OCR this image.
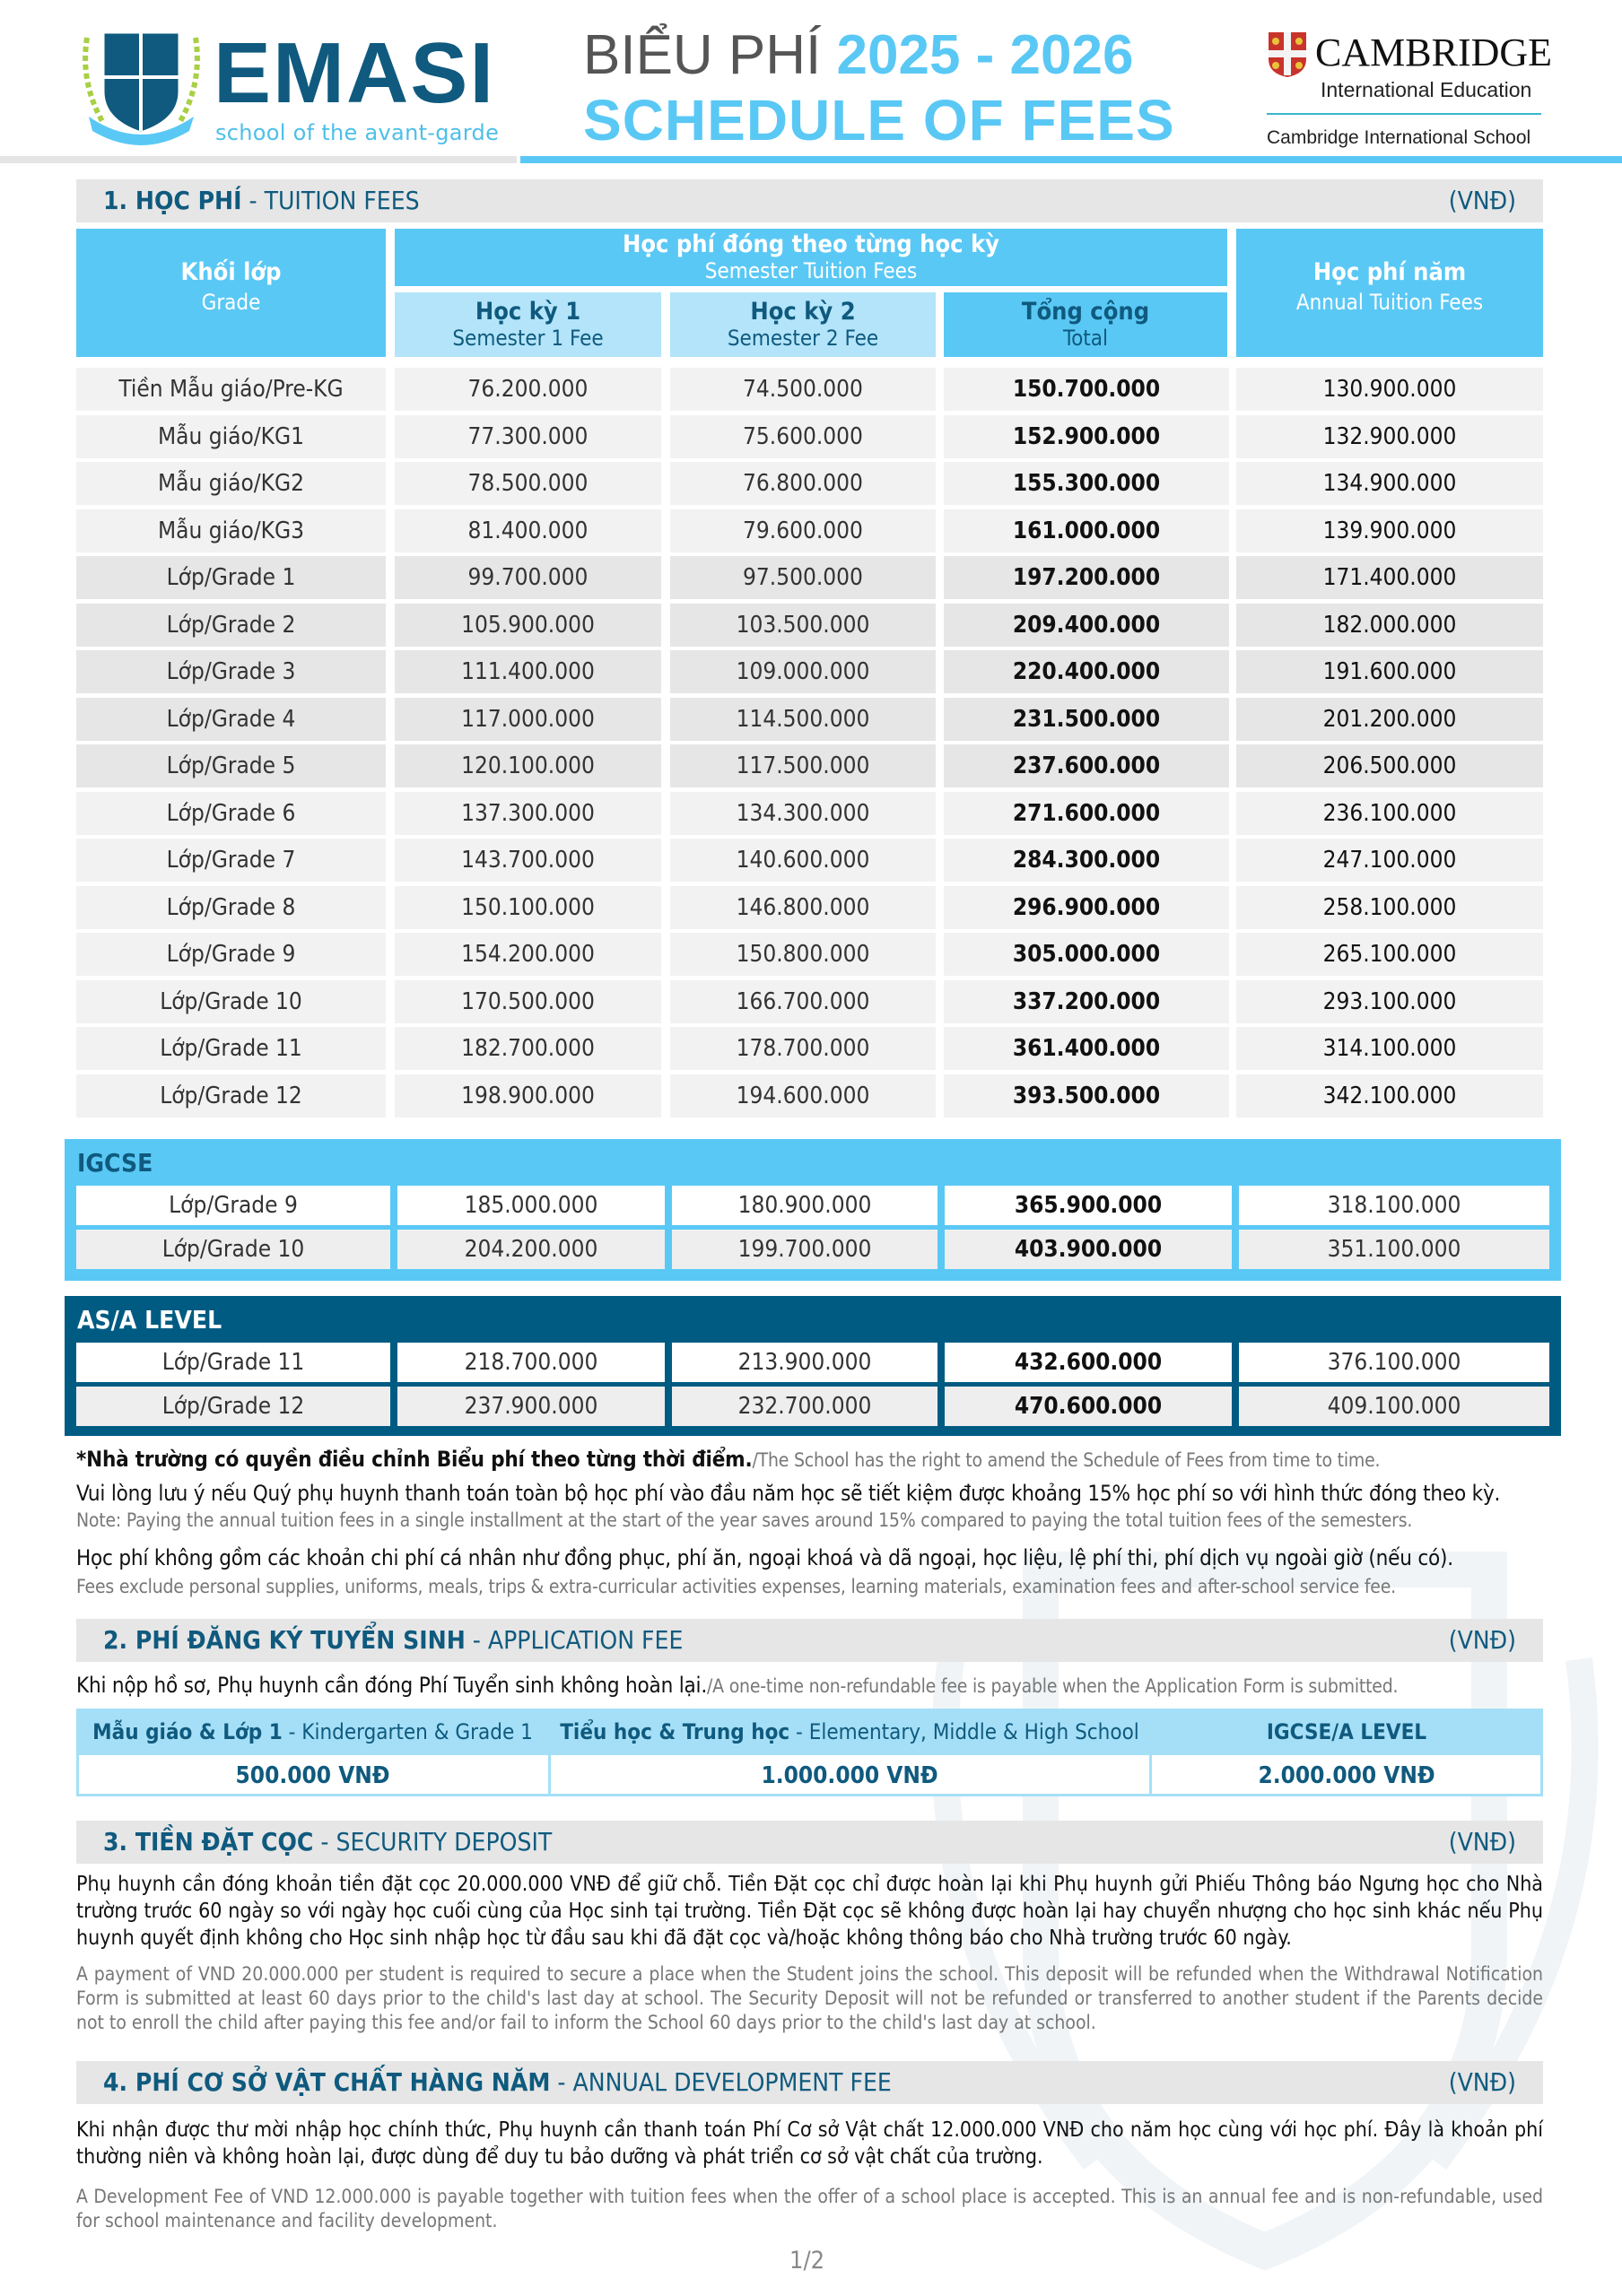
EMASI
school of the avant-garde
BIỂU PHÍ 2025 - 2026
SCHEDULE OF FEES
CAMBRIDGE
International Education
Cambridge International School
1. HỌC PHÍ - TUITION FEES	(VNĐ)
Khối lớp
Grade
Học phí đóng theo từng học kỳ
Semester Tuition Fees
Học kỳ 1
Semester 1 Fee
Học kỳ 2
Semester 2 Fee
Tổng cộng
Total
Học phí năm
Annual Tuition Fees
Tiền Mẫu giáo/Pre-KG	76.200.000	74.500.000	150.700.000	130.900.000
Mẫu giáo/KG1	77.300.000	75.600.000	152.900.000	132.900.000
Mẫu giáo/KG2	78.500.000	76.800.000	155.300.000	134.900.000
Mẫu giáo/KG3	81.400.000	79.600.000	161.000.000	139.900.000
Lớp/Grade 1	99.700.000	97.500.000	197.200.000	171.400.000
Lớp/Grade 2	105.900.000	103.500.000	209.400.000	182.000.000
Lớp/Grade 3	111.400.000	109.000.000	220.400.000	191.600.000
Lớp/Grade 4	117.000.000	114.500.000	231.500.000	201.200.000
Lớp/Grade 5	120.100.000	117.500.000	237.600.000	206.500.000
Lớp/Grade 6	137.300.000	134.300.000	271.600.000	236.100.000
Lớp/Grade 7	143.700.000	140.600.000	284.300.000	247.100.000
Lớp/Grade 8	150.100.000	146.800.000	296.900.000	258.100.000
Lớp/Grade 9	154.200.000	150.800.000	305.000.000	265.100.000
Lớp/Grade 10	170.500.000	166.700.000	337.200.000	293.100.000
Lớp/Grade 11	182.700.000	178.700.000	361.400.000	314.100.000
Lớp/Grade 12	198.900.000	194.600.000	393.500.000	342.100.000
IGCSE
Lớp/Grade 9	185.000.000	180.900.000	365.900.000	318.100.000
Lớp/Grade 10	204.200.000	199.700.000	403.900.000	351.100.000
AS/A LEVEL
Lớp/Grade 11	218.700.000	213.900.000	432.600.000	376.100.000
Lớp/Grade 12	237.900.000	232.700.000	470.600.000	409.100.000
*Nhà trường có quyền điều chỉnh Biểu phí theo từng thời điểm./The School has the right to amend the Schedule of Fees from time to time.
Vui lòng lưu ý nếu Quý phụ huynh thanh toán toàn bộ học phí vào đầu năm học sẽ tiết kiệm được khoảng 15% học phí so với hình thức đóng theo kỳ.
Note: Paying the annual tuition fees in a single installment at the start of the year saves around 15% compared to paying the total tuition fees of the semesters.
Học phí không gồm các khoản chi phí cá nhân như đồng phục, phí ăn, ngoại khoá và dã ngoại, học liệu, lệ phí thi, phí dịch vụ ngoài giờ (nếu có).
Fees exclude personal supplies, uniforms, meals, trips & extra-curricular activities expenses, learning materials, examination fees and after-school service fee.
2. PHÍ ĐĂNG KÝ TUYỂN SINH - APPLICATION FEE	(VNĐ)
Khi nộp hồ sơ, Phụ huynh cần đóng Phí Tuyển sinh không hoàn lại./A one-time non-refundable fee is payable when the Application Form is submitted.
Mẫu giáo & Lớp 1 - Kindergarten & Grade 1	Tiểu học & Trung học - Elementary, Middle & High School	IGCSE/A LEVEL
500.000 VNĐ	1.000.000 VNĐ	2.000.000 VNĐ
3. TIỀN ĐẶT CỌC - SECURITY DEPOSIT	(VNĐ)
Phụ huynh cần đóng khoản tiền đặt cọc 20.000.000 VNĐ để giữ chỗ. Tiền Đặt cọc chỉ được hoàn lại khi Phụ huynh gửi Phiếu Thông báo Ngưng học cho Nhà trường trước 60 ngày so với ngày học cuối cùng của Học sinh tại trường. Tiền Đặt cọc sẽ không được hoàn lại hay chuyển nhượng cho học sinh khác nếu Phụ huynh quyết định không cho Học sinh nhập học từ đầu sau khi đã đặt cọc và/hoặc không thông báo cho Nhà trường trước 60 ngày.
A payment of VND 20.000.000 per student is required to secure a place when the Student joins the school. This deposit will be refunded when the Withdrawal Notification Form is submitted at least 60 days prior to the child's last day at school. The Security Deposit will not be refunded or transferred to another student if the Parents decide not to enroll the child after paying this fee and/or fail to inform the School 60 days prior to the child's last day at school.
4. PHÍ CƠ SỞ VẬT CHẤT HÀNG NĂM - ANNUAL DEVELOPMENT FEE	(VNĐ)
Khi nhận được thư mời nhập học chính thức, Phụ huynh cần thanh toán Phí Cơ sở Vật chất 12.000.000 VNĐ cho năm học cùng với học phí. Đây là khoản phí thường niên và không hoàn lại, được dùng để duy tu bảo dưỡng và phát triển cơ sở vật chất của trường.
A Development Fee of VND 12.000.000 is payable together with tuition fees when the offer of a school place is accepted. This is an annual fee and is non-refundable, used for school maintenance and facility development.
1/2
